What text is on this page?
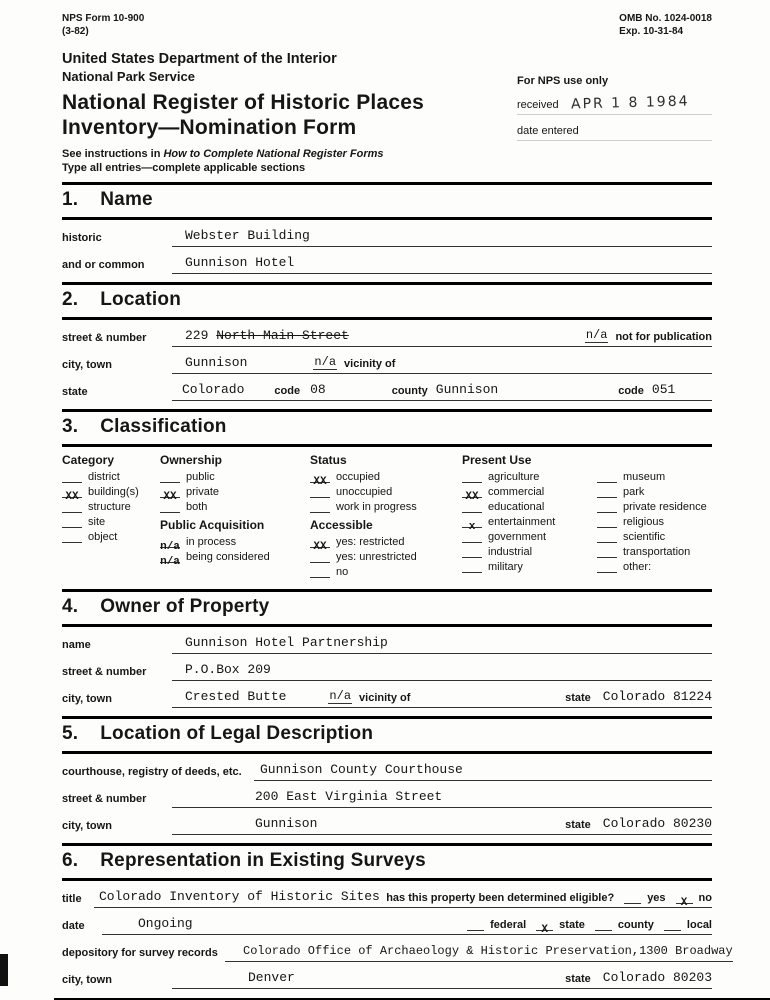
NPS Form 10-900
(3-82)
OMB No. 1024-0018
Exp. 10-31-84
United States Department of the Interior
National Park Service
National Register of Historic Places
Inventory—Nomination Form
See instructions in How to Complete National Register Forms
Type all entries—complete applicable sections
For NPS use only
received APR 1 8 1984
date entered
1. Name
historic	Webster Building
and or common	Gunnison Hotel
2. Location
street & number	229 North Main Street	n/a not for publication
city, town	Gunnison	n/a vicinity of
state	Colorado	code 08	county Gunnison	code 051
3. Classification
Category
district
XX building(s)
structure
site
object
Ownership
public
XX private
both
Public Acquisition
n/a in process
n/a being considered
Status
XX occupied
unoccupied
work in progress
Accessible
XX yes: restricted
yes: unrestricted
no
Present Use
agriculture
XX commercial
educational
x	entertainment
government
industrial
military
museum
park
private residence
religious
scientific
transportation
other:
4. Owner of Property
name	Gunnison Hotel Partnership
street & number	P.O.Box 209
city, town	Crested Butte	n/a vicinity of	state Colorado 81224
5. Location of Legal Description
courthouse, registry of deeds, etc.	Gunnison County Courthouse
street & number	200 East Virginia Street
city, town	Gunnison	state Colorado 80230
6. Representation in Existing Surveys
title	Colorado Inventory of Historic Sites has this property been determined eligible?	yes	X	no
date	Ongoing	federal	X	state	county	local
depository for survey records	Colorado Office of Archaeology & Historic Preservation,1300 Broadway
city, town	Denver	state Colorado 80203
